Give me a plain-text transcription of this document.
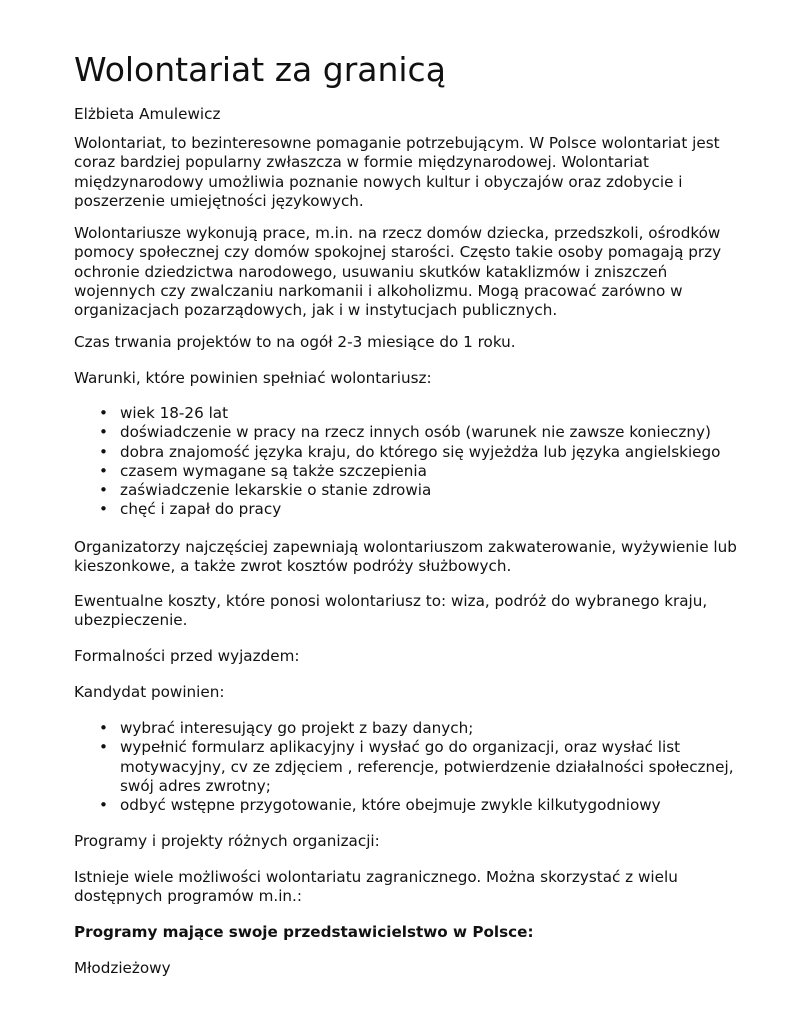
Wolontariat za granicą

Elżbieta Amulewicz

Wolontariat, to bezinteresowne pomaganie potrzebującym. W Polsce wolontariat jest
coraz bardziej popularny zwłaszcza w formie międzynarodowej. Wolontariat
międzynarodowy umożliwia poznanie nowych kultur i obyczajów oraz zdobycie i
poszerzenie umiejętności językowych.

Wolontariusze wykonują prace, m.in. na rzecz domów dziecka, przedszkoli, ośrodków
pomocy społecznej czy domów spokojnej starości. Często takie osoby pomagają przy
ochronie dziedzictwa narodowego, usuwaniu skutków kataklizmów i zniszczeń
wojennych czy zwalczaniu narkomanii i alkoholizmu. Mogą pracować zarówno w
organizacjach pozarządowych, jak i w instytucjach publicznych.

Czas trwania projektów to na ogół 2-3 miesiące do 1 roku.

Warunki, które powinien spełniać wolontariusz:

• wiek 18-26 lat
• doświadczenie w pracy na rzecz innych osób (warunek nie zawsze konieczny)
• dobra znajomość języka kraju, do którego się wyjeżdża lub języka angielskiego
• czasem wymagane są także szczepienia
• zaświadczenie lekarskie o stanie zdrowia
• chęć i zapał do pracy

Organizatorzy najczęściej zapewniają wolontariuszom zakwaterowanie, wyżywienie lub
kieszonkowe, a także zwrot kosztów podróży służbowych.

Ewentualne koszty, które ponosi wolontariusz to: wiza, podróż do wybranego kraju,
ubezpieczenie.

Formalności przed wyjazdem:

Kandydat powinien:

• wybrać interesujący go projekt z bazy danych;
• wypełnić formularz aplikacyjny i wysłać go do organizacji, oraz wysłać list
motywacyjny, cv ze zdjęciem , referencje, potwierdzenie działalności społecznej,
swój adres zwrotny;
• odbyć wstępne przygotowanie, które obejmuje zwykle kilkutygodniowy

Programy i projekty różnych organizacji:

Istnieje wiele możliwości wolontariatu zagranicznego. Można skorzystać z wielu
dostępnych programów m.in.:

Programy mające swoje przedstawicielstwo w Polsce:

Młodzieżowy
